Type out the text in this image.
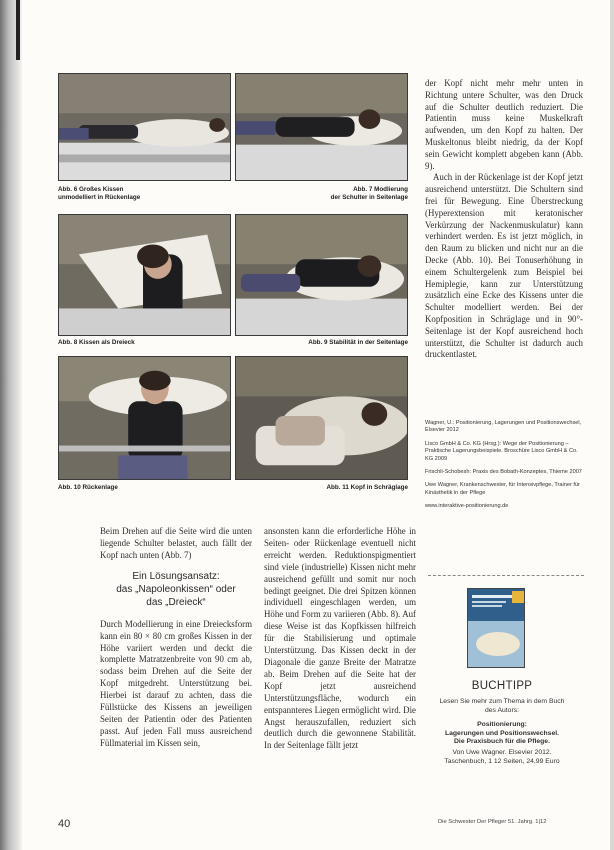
Abb. 6 Großes Kissen
unmodelliert in Rückenlage
Abb. 7 Modlierung
der Schulter in Seitenlage
Abb. 8 Kissen als Dreieck	Abb. 9 Stabilität in der Seitenlage
Abb. 10 Rückenlage	Abb. 11 Kopf in Schräglage

der Kopf nicht mehr mehr unten in Richtung untere Schulter, was den Druck auf die Schulter deutlich reduziert. Die Patientin muss keine Muskelkraft aufwenden, um den Kopf zu halten. Der Muskeltonus bleibt niedrig, da der Kopf sein Gewicht komplett abgeben kann (Abb. 9).

Auch in der Rückenlage ist der Kopf jetzt ausreichend unterstützt. Die Schultern sind frei für Bewegung. Eine Überstreckung (Hyperextension mit keratonischer Verkürzung der Nackenmuskulatur) kann verhindert werden. Es ist jetzt möglich, in den Raum zu blicken und nicht nur an die Decke (Abb. 10). Bei Tonuserhöhung in einem Schultergelenk zum Beispiel bei Hemiplegie, kann zur Unterstützung zusätzlich eine Ecke des Kissens unter die Schulter modelliert werden. Bei der Kopfposition in Schräglage und in 90°-Seitenlage ist der Kopf ausreichend hoch unterstützt, die Schulter ist dadurch auch druckentlastet.

Wagner, U.: Positionierung, Lagerungen und Positionswechsel, Elsevier 2012

Lisco GmbH & Co. KG (Hrsg.): Wege der Positionierung – Praktische Lagerungsbeispiele. Broschüre Lisco GmbH & Co. KG 2009

Frischli-Schobesh: Praxis des Bobath-Konzeptes, Thieme 2007

Uwe Wagner, Krankenschwester, für Intensivpflege, Trainer für Kinästhetik in der Pflege

www.interaktive-positionierung.de

Beim Drehen auf die Seite wird die unten liegende Schulter belastet, auch fällt der Kopf nach unten (Abb. 7)

Ein Lösungsansatz:
das „Napoleonkissen“ oder
das „Dreieck“

Durch Modellierung in eine Dreiecksform kann ein 80 × 80 cm großes Kissen in der Höhe variiert werden und deckt die komplette Matratzenbreite von 90 cm ab, sodass beim Drehen auf die Seite der Kopf mitgedreht. Unterstützung bei. Hierbei ist darauf zu achten, dass die Füllstücke des Kissens an jeweiligen Seiten der Patientin oder des Patienten passt. Auf jeden Fall muss ausreichend Füllmaterial im Kissen sein,

ansonsten kann die erforderliche Höhe in Seiten- oder Rückenlage eventuell nicht erreicht werden. Reduktionspigmentiert sind viele (industrielle) Kissen nicht mehr ausreichend gefüllt und somit nur noch bedingt geeignet. Die drei Spitzen können individuell eingeschlagen werden, um Höhe und Form zu variieren (Abb. 8). Auf diese Weise ist das Kopfkissen hilfreich für die Stabilisierung und optimale Unterstützung. Das Kissen deckt in der Diagonale die ganze Breite der Matratze ab. Beim Drehen auf die Seite hat der Kopf jetzt ausreichend Unterstützungsfläche, wodurch ein entspannteres Liegen ermöglicht wird. Die Angst herauszufallen, reduziert sich deutlich durch die gewonnene Stabilität. In der Seitenlage fällt jetzt

BUCHTIPP
Lesen Sie mehr zum Thema in dem Buch des Autors:
Positionierung:
Lagerungen und Positionswechsel.
Die Praxisbuch für die Pflege.
Von Uwe Wagner. Elsevier 2012.
Taschenbuch, 1 12 Seiten, 24,99 Euro
40	Die Schwester Der Pfleger 51. Jahrg. 1|12
